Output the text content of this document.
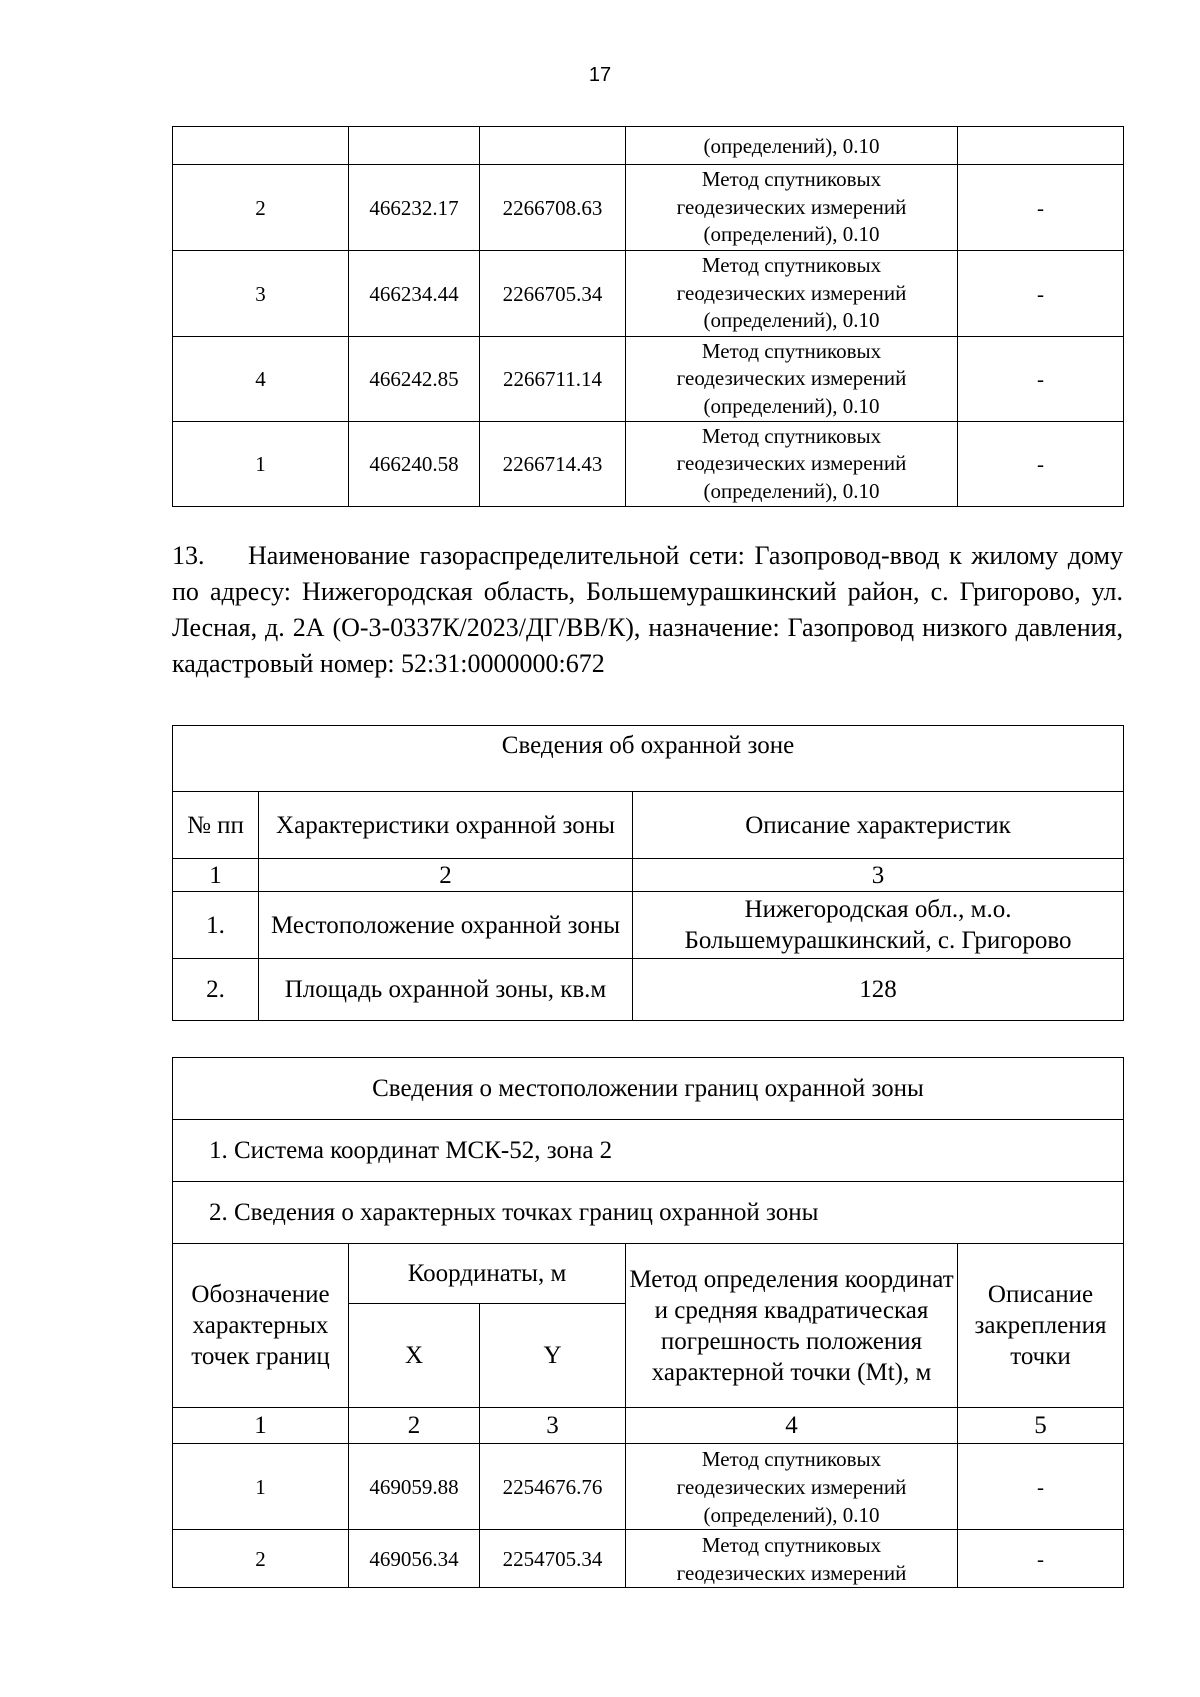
17
			(определений), 0.10	
2	466232.17	2266708.63	Метод спутниковых
геодезических измерений
(определений), 0.10	-
3	466234.44	2266705.34	Метод спутниковых
геодезических измерений
(определений), 0.10	-
4	466242.85	2266711.14	Метод спутниковых
геодезических измерений
(определений), 0.10	-
1	466240.58	2266714.43	Метод спутниковых
геодезических измерений
(определений), 0.10	-
13. Наименование газораспределительной сети: Газопровод-ввод к жилому дому по адресу: Нижегородская область, Большемурашкинский район, с. Григорово, ул. Лесная, д. 2А (О-3-0337К/2023/ДГ/ВВ/К), назначение: Газопровод низкого давления, кадастровый номер: 52:31:0000000:672
Сведения об охранной зоне		
№ пп	Характеристики охранной зоны	Описание характеристик
1	2	3
1.	Местоположение охранной зоны	Нижегородская обл., м.о.
Большемурашкинский, с. Григорово

2.	Площадь охранной зоны, кв.м	128
Сведения о местоположении границ охранной зоны				
1. Система координат МСК-52, зона 2				
2. Сведения о характерных точках границ охранной зоны				
Обозначение характерных точек границ	Координаты, м		Метод определения координат и средняя квадратическая погрешность положения характерной точки (Mt), м	Описание закрепления точки
	X	Y		
1	2	3	4	5
1	469059.88	2254676.76	Метод спутниковых
геодезических измерений
(определений), 0.10	-
2	469056.34	2254705.34	Метод спутниковых
геодезических измерений	-
